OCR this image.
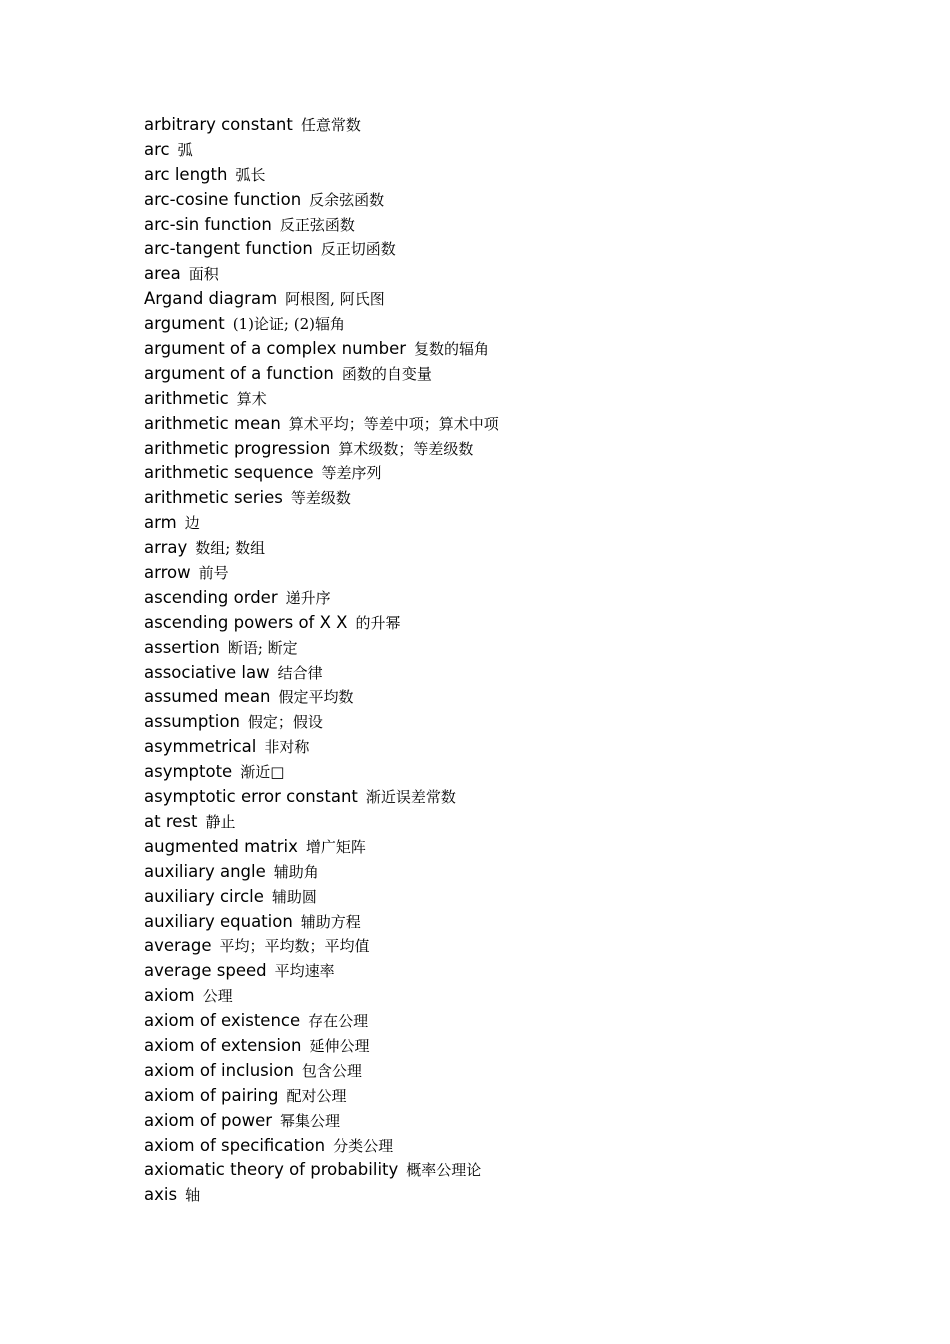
arbitrary constant 任意常数
arc 弧
arc length 弧长
arc-cosine function 反余弦函数
arc-sin function 反正弦函数
arc-tangent function 反正切函数
area 面积
Argand diagram 阿根图, 阿氏图
argument (1)论证; (2)辐角
argument of a complex number 复数的辐角
argument of a function 函数的自变量
arithmetic 算术
arithmetic mean 算术平均；等差中项；算术中项
arithmetic progression 算术级数；等差级数
arithmetic sequence 等差序列
arithmetic series 等差级数
arm 边
array 数组; 数组
arrow 前号
ascending order 递升序
ascending powers of X X 的升幂
assertion 断语; 断定
associative law 结合律
assumed mean 假定平均数
assumption 假定；假设
asymmetrical 非对称
asymptote 渐近□
asymptotic error constant 渐近误差常数
at rest 静止
augmented matrix 增广矩阵
auxiliary angle 辅助角
auxiliary circle 辅助圆
auxiliary equation 辅助方程
average 平均；平均数；平均值
average speed 平均速率
axiom 公理
axiom of existence 存在公理
axiom of extension 延伸公理
axiom of inclusion 包含公理
axiom of pairing 配对公理
axiom of power 幂集公理
axiom of specification 分类公理
axiomatic theory of probability 概率公理论
axis 轴
